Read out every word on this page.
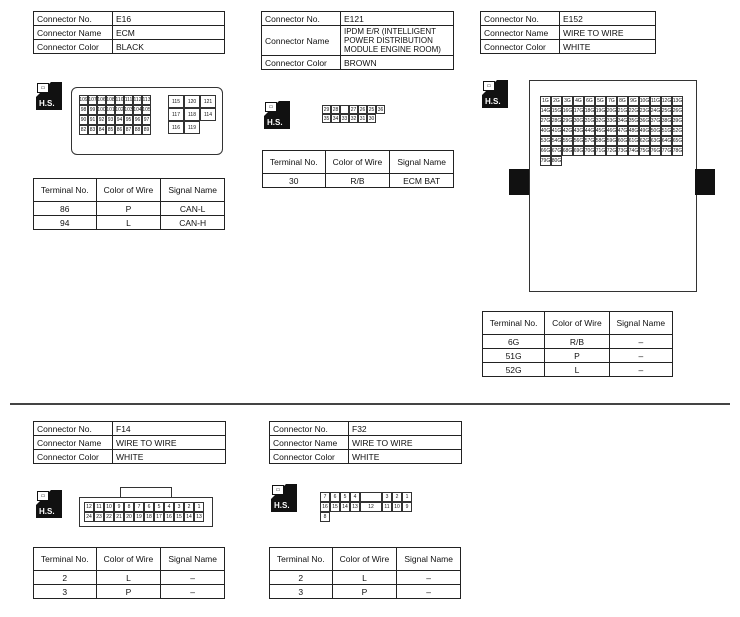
Connector No.	E16
Connector Name	ECM
Connector Color	BLACK
▭
H.S.	109 107 106 108 110 111 112 113
98 99 100 101 102 103 104 105
90 91 92 93 94 95 96 97
82 83 84 85 86 87 88 89
115	120	121
117	118	114
116	119
Terminal No.	Color of Wire	Signal Name
86	P	CAN-L
94	L	CAN-H
Connector No.	E121
Connector Name	IPDM E/R (INTELLIGENT POWER DISTRIBUTION MODULE ENGINE ROOM)
Connector Color	BROWN
▭
H.S.
29 28	27 26 25 36
35 34 33 32 31 30
Terminal No.	Color of Wire	Signal Name
30	R/B	ECM BAT
Connector No.	E152
Connector Name	WIRE TO WIRE
Connector Color	WHITE
▭
H.S.	1G 2G 3G 4G 6G 5G 7G 8G 9G 10G 11G 12G 13G
14G 15G 16G 17G 18G 19G 20G 21G 22G 23G 24G 25G 26G
27G 28G 29G 30G 31G 32G 33G 34G 35G 36G 37G 38G 39G
40G 41G 42G 43G 44G 45G 46G 47G 48G 49G 50G 51G 52G
53G 54G 55G 56G 57G 58G 59G 60G 61G 62G 63G 64G 65G
66G 67G 68G 69G 70G 71G 72G 73G 74G 75G 76G 77G 78G
79G 80G
Terminal No.	Color of Wire	Signal Name
6G	R/B	–
51G	P	–
52G	L	–
Connector No.	F14
Connector Name	WIRE TO WIRE
Connector Color	WHITE
▭
H.S.	12 11 10	9	8	7	6	5	4	3	2	1
24 23 22 21 20 19 18 17 16 15 14 13
Terminal No.	Color of Wire	Signal Name
2	L	–
3	P	–
Connector No.	F32
Connector Name	WIRE TO WIRE
Connector Color	WHITE
▭
H.S.
7	6	5	4	3	2	1
16 15 14 13	12	11 10	9
8
Terminal No.	Color of Wire	Signal Name
2	L	–
3	P	–
